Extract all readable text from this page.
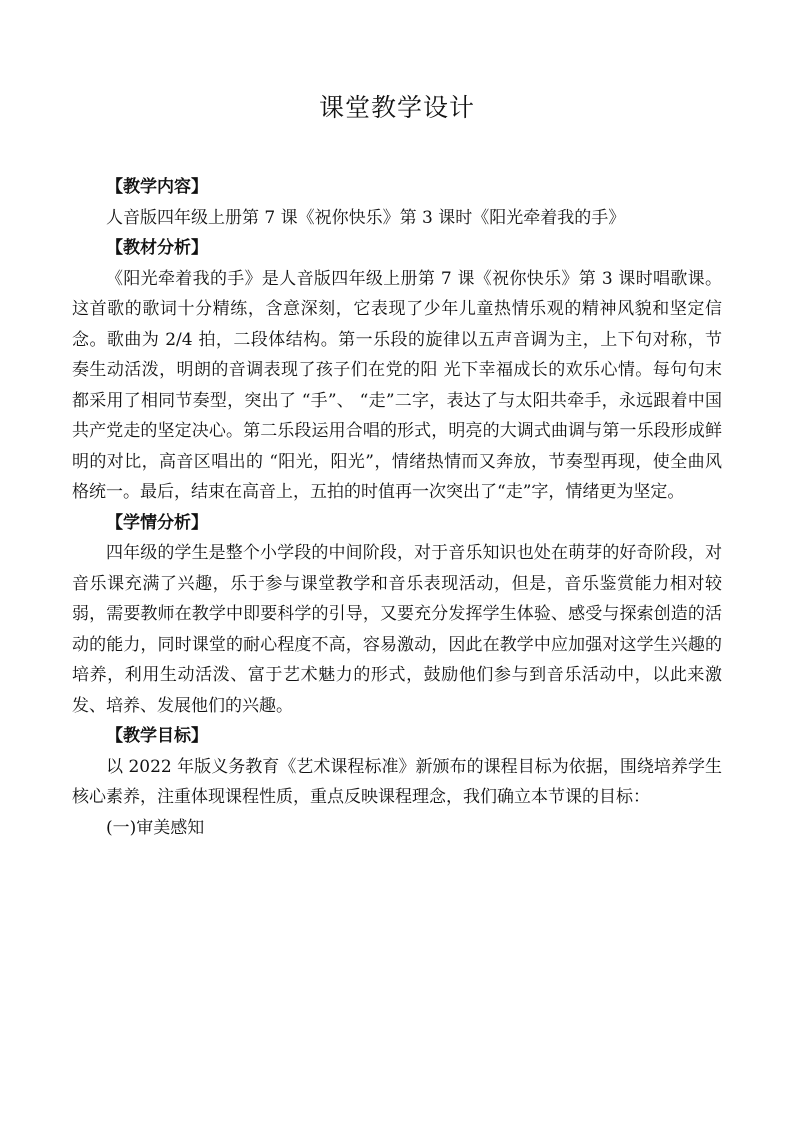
课堂教学设计

【教学内容】

人音版四年级上册第 7 课《祝你快乐》第 3 课时《阳光牵着我的手》

【教材分析】

《阳光牵着我的手》是人音版四年级上册第 7 课《祝你快乐》第 3 课时唱歌课。这首歌的歌词十分精练，含意深刻，它表现了少年儿童热情乐观的精神风貌和坚定信念。歌曲为 2/4 拍，二段体结构。第一乐段的旋律以五声音调为主，上下句对称，节奏生动活泼，明朗的音调表现了孩子们在党的阳 光下幸福成长的欢乐心情。每句句末都采用了相同节奏型，突出了 “手”、 “走”二字，表达了与太阳共牵手，永远跟着中国共产党走的坚定决心。第二乐段运用合唱的形式，明亮的大调式曲调与第一乐段形成鲜明的对比，高音区唱出的 “阳光，阳光”，情绪热情而又奔放，节奏型再现，使全曲风格统一。最后，结束在高音上，五拍的时值再一次突出了“走”字，情绪更为坚定。

【学情分析】

四年级的学生是整个小学段的中间阶段，对于音乐知识也处在萌芽的好奇阶段，对音乐课充满了兴趣，乐于参与课堂教学和音乐表现活动，但是，音乐鉴赏能力相对较弱，需要教师在教学中即要科学的引导，又要充分发挥学生体验、感受与探索创造的活动的能力，同时课堂的耐心程度不高，容易激动，因此在教学中应加强对这学生兴趣的培养，利用生动活泼、富于艺术魅力的形式，鼓励他们参与到音乐活动中，以此来激发、培养、发展他们的兴趣。

【教学目标】

以 2022 年版义务教育《艺术课程标准》新颁布的课程目标为依据，围绕培养学生核心素养，注重体现课程性质，重点反映课程理念，我们确立本节课的目标：

(一)审美感知
